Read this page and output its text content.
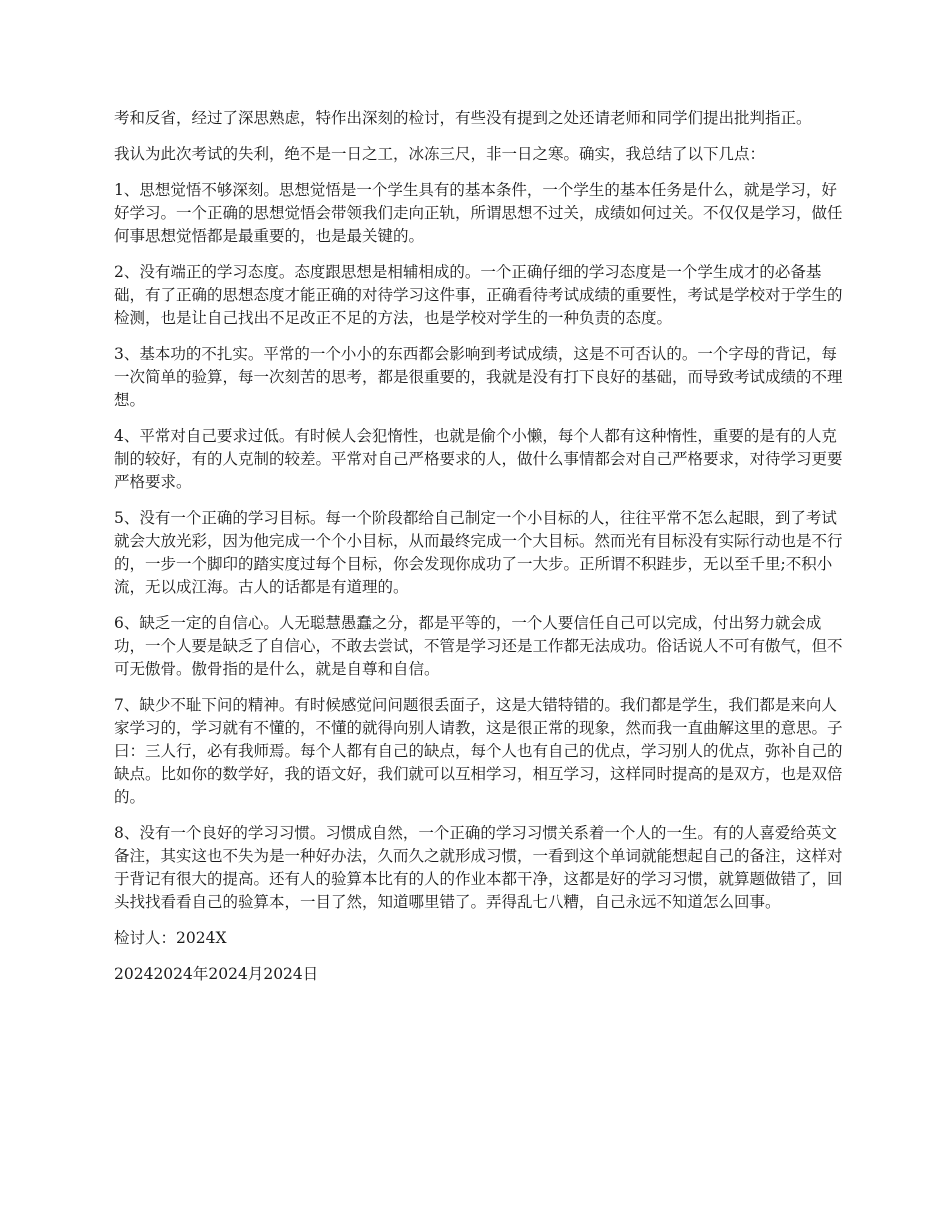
考和反省，经过了深思熟虑，特作出深刻的检讨，有些没有提到之处还请老师和同学们提出批判指正。

我认为此次考试的失利，绝不是一日之工，冰冻三尺，非一日之寒。确实，我总结了以下几点：

1、思想觉悟不够深刻。思想觉悟是一个学生具有的基本条件，一个学生的基本任务是什么，就是学习，好好学习。一个正确的思想觉悟会带领我们走向正轨，所谓思想不过关，成绩如何过关。不仅仅是学习，做任何事思想觉悟都是最重要的，也是最关键的。

2、没有端正的学习态度。态度跟思想是相辅相成的。一个正确仔细的学习态度是一个学生成才的必备基础，有了正确的思想态度才能正确的对待学习这件事，正确看待考试成绩的重要性，考试是学校对于学生的检测，也是让自己找出不足改正不足的方法，也是学校对学生的一种负责的态度。

3、基本功的不扎实。平常的一个小小的东西都会影响到考试成绩，这是不可否认的。一个字母的背记，每一次简单的验算，每一次刻苦的思考，都是很重要的，我就是没有打下良好的基础，而导致考试成绩的不理想。

4、平常对自己要求过低。有时候人会犯惰性，也就是偷个小懒，每个人都有这种惰性，重要的是有的人克制的较好，有的人克制的较差。平常对自己严格要求的人，做什么事情都会对自己严格要求，对待学习更要严格要求。

5、没有一个正确的学习目标。每一个阶段都给自己制定一个小目标的人，往往平常不怎么起眼，到了考试就会大放光彩，因为他完成一个个小目标，从而最终完成一个大目标。然而光有目标没有实际行动也是不行的，一步一个脚印的踏实度过每个目标，你会发现你成功了一大步。正所谓不积跬步，无以至千里;不积小流，无以成江海。古人的话都是有道理的。

6、缺乏一定的自信心。人无聪慧愚蠢之分，都是平等的，一个人要信任自己可以完成，付出努力就会成功，一个人要是缺乏了自信心，不敢去尝试，不管是学习还是工作都无法成功。俗话说人不可有傲气，但不可无傲骨。傲骨指的是什么，就是自尊和自信。

7、缺少不耻下问的精神。有时候感觉问问题很丢面子，这是大错特错的。我们都是学生，我们都是来向人家学习的，学习就有不懂的，不懂的就得向别人请教，这是很正常的现象，然而我一直曲解这里的意思。子曰：三人行，必有我师焉。每个人都有自己的缺点，每个人也有自己的优点，学习别人的优点，弥补自己的缺点。比如你的数学好，我的语文好，我们就可以互相学习，相互学习，这样同时提高的是双方，也是双倍的。

8、没有一个良好的学习习惯。习惯成自然，一个正确的学习习惯关系着一个人的一生。有的人喜爱给英文备注，其实这也不失为是一种好办法，久而久之就形成习惯，一看到这个单词就能想起自己的备注，这样对于背记有很大的提高。还有人的验算本比有的人的作业本都干净，这都是好的学习习惯，就算题做错了，回头找找看看自己的验算本，一目了然，知道哪里错了。弄得乱七八糟，自己永远不知道怎么回事。

检讨人：2024X

20242024年2024月2024日
